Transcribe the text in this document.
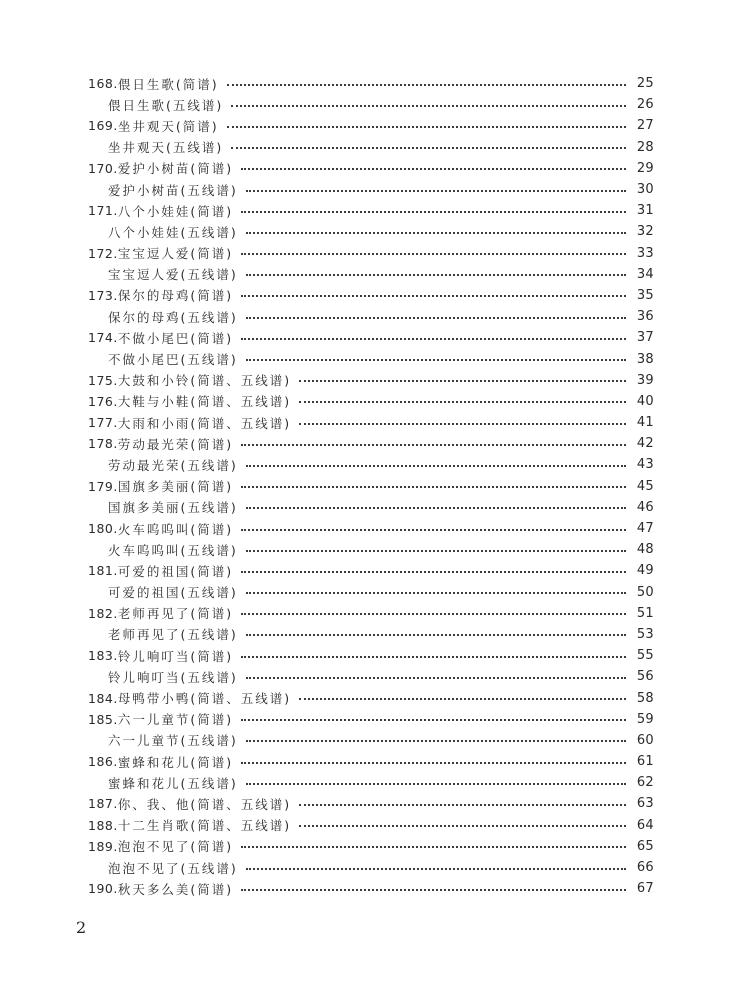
168. 偎日生歌(简谱)	25
偎日生歌(五线谱)	26
169. 坐井观天(简谱)	27
坐井观天(五线谱)	28
170. 爱护小树苗(简谱)	29
爱护小树苗(五线谱)	30
171. 八个小娃娃(简谱)	31
八个小娃娃(五线谱)	32
172. 宝宝逗人爱(简谱)	33
宝宝逗人爱(五线谱)	34
173. 保尔的母鸡(简谱)	35
保尔的母鸡(五线谱)	36
174. 不做小尾巴(简谱)	37
不做小尾巴(五线谱)	38
175. 大鼓和小铃(简谱、五线谱)	39
176. 大鞋与小鞋(简谱、五线谱)	40
177. 大雨和小雨(简谱、五线谱)	41
178. 劳动最光荣(简谱)	42
劳动最光荣(五线谱)	43
179. 国旗多美丽(简谱)	45
国旗多美丽(五线谱)	46
180. 火车呜呜叫(简谱)	47
火车呜呜叫(五线谱)	48
181. 可爱的祖国(简谱)	49
可爱的祖国(五线谱)	50
182. 老师再见了(简谱)	51
老师再见了(五线谱)	53
183. 铃儿响叮当(简谱)	55
铃儿响叮当(五线谱)	56
184. 母鸭带小鸭(简谱、五线谱)	58
185. 六一儿童节(简谱)	59
六一儿童节(五线谱)	60
186. 蜜蜂和花儿(简谱)	61
蜜蜂和花儿(五线谱)	62
187. 你、我、他(简谱、五线谱)	63
188. 十二生肖歌(简谱、五线谱)	64
189. 泡泡不见了(简谱)	65
泡泡不见了(五线谱)	66
190. 秋天多么美(简谱)	67
2
